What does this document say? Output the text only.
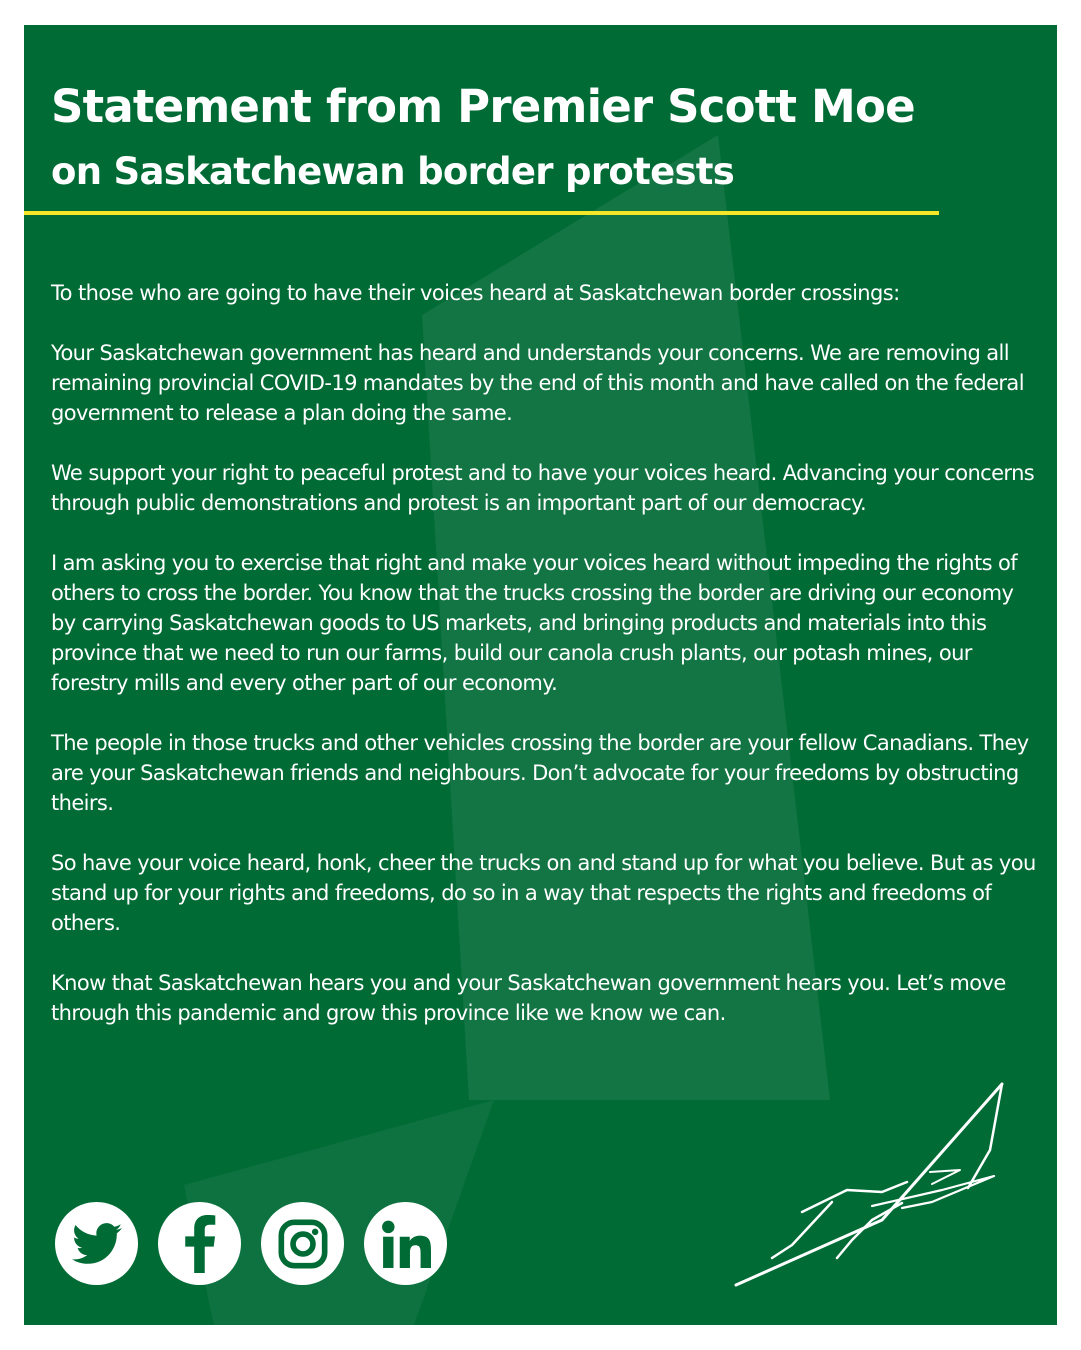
Statement from Premier Scott Moe
on Saskatchewan border protests

To those who are going to have their voices heard at Saskatchewan border crossings:

Your Saskatchewan government has heard and understands your concerns. We are removing all remaining provincial COVID-19 mandates by the end of this month and have called on the federal government to release a plan doing the same.

We support your right to peaceful protest and to have your voices heard. Advancing your concerns through public demonstrations and protest is an important part of our democracy.

I am asking you to exercise that right and make your voices heard without impeding the rights of others to cross the border. You know that the trucks crossing the border are driving our economy by carrying Saskatchewan goods to US markets, and bringing products and materials into this province that we need to run our farms, build our canola crush plants, our potash mines, our forestry mills and every other part of our economy.

The people in those trucks and other vehicles crossing the border are your fellow Canadians. They are your Saskatchewan friends and neighbours. Don’t advocate for your freedoms by obstructing theirs.

So have your voice heard, honk, cheer the trucks on and stand up for what you believe. But as you stand up for your rights and freedoms, do so in a way that respects the rights and freedoms of others.

Know that Saskatchewan hears you and your Saskatchewan government hears you. Let’s move through this pandemic and grow this province like we know we can.
